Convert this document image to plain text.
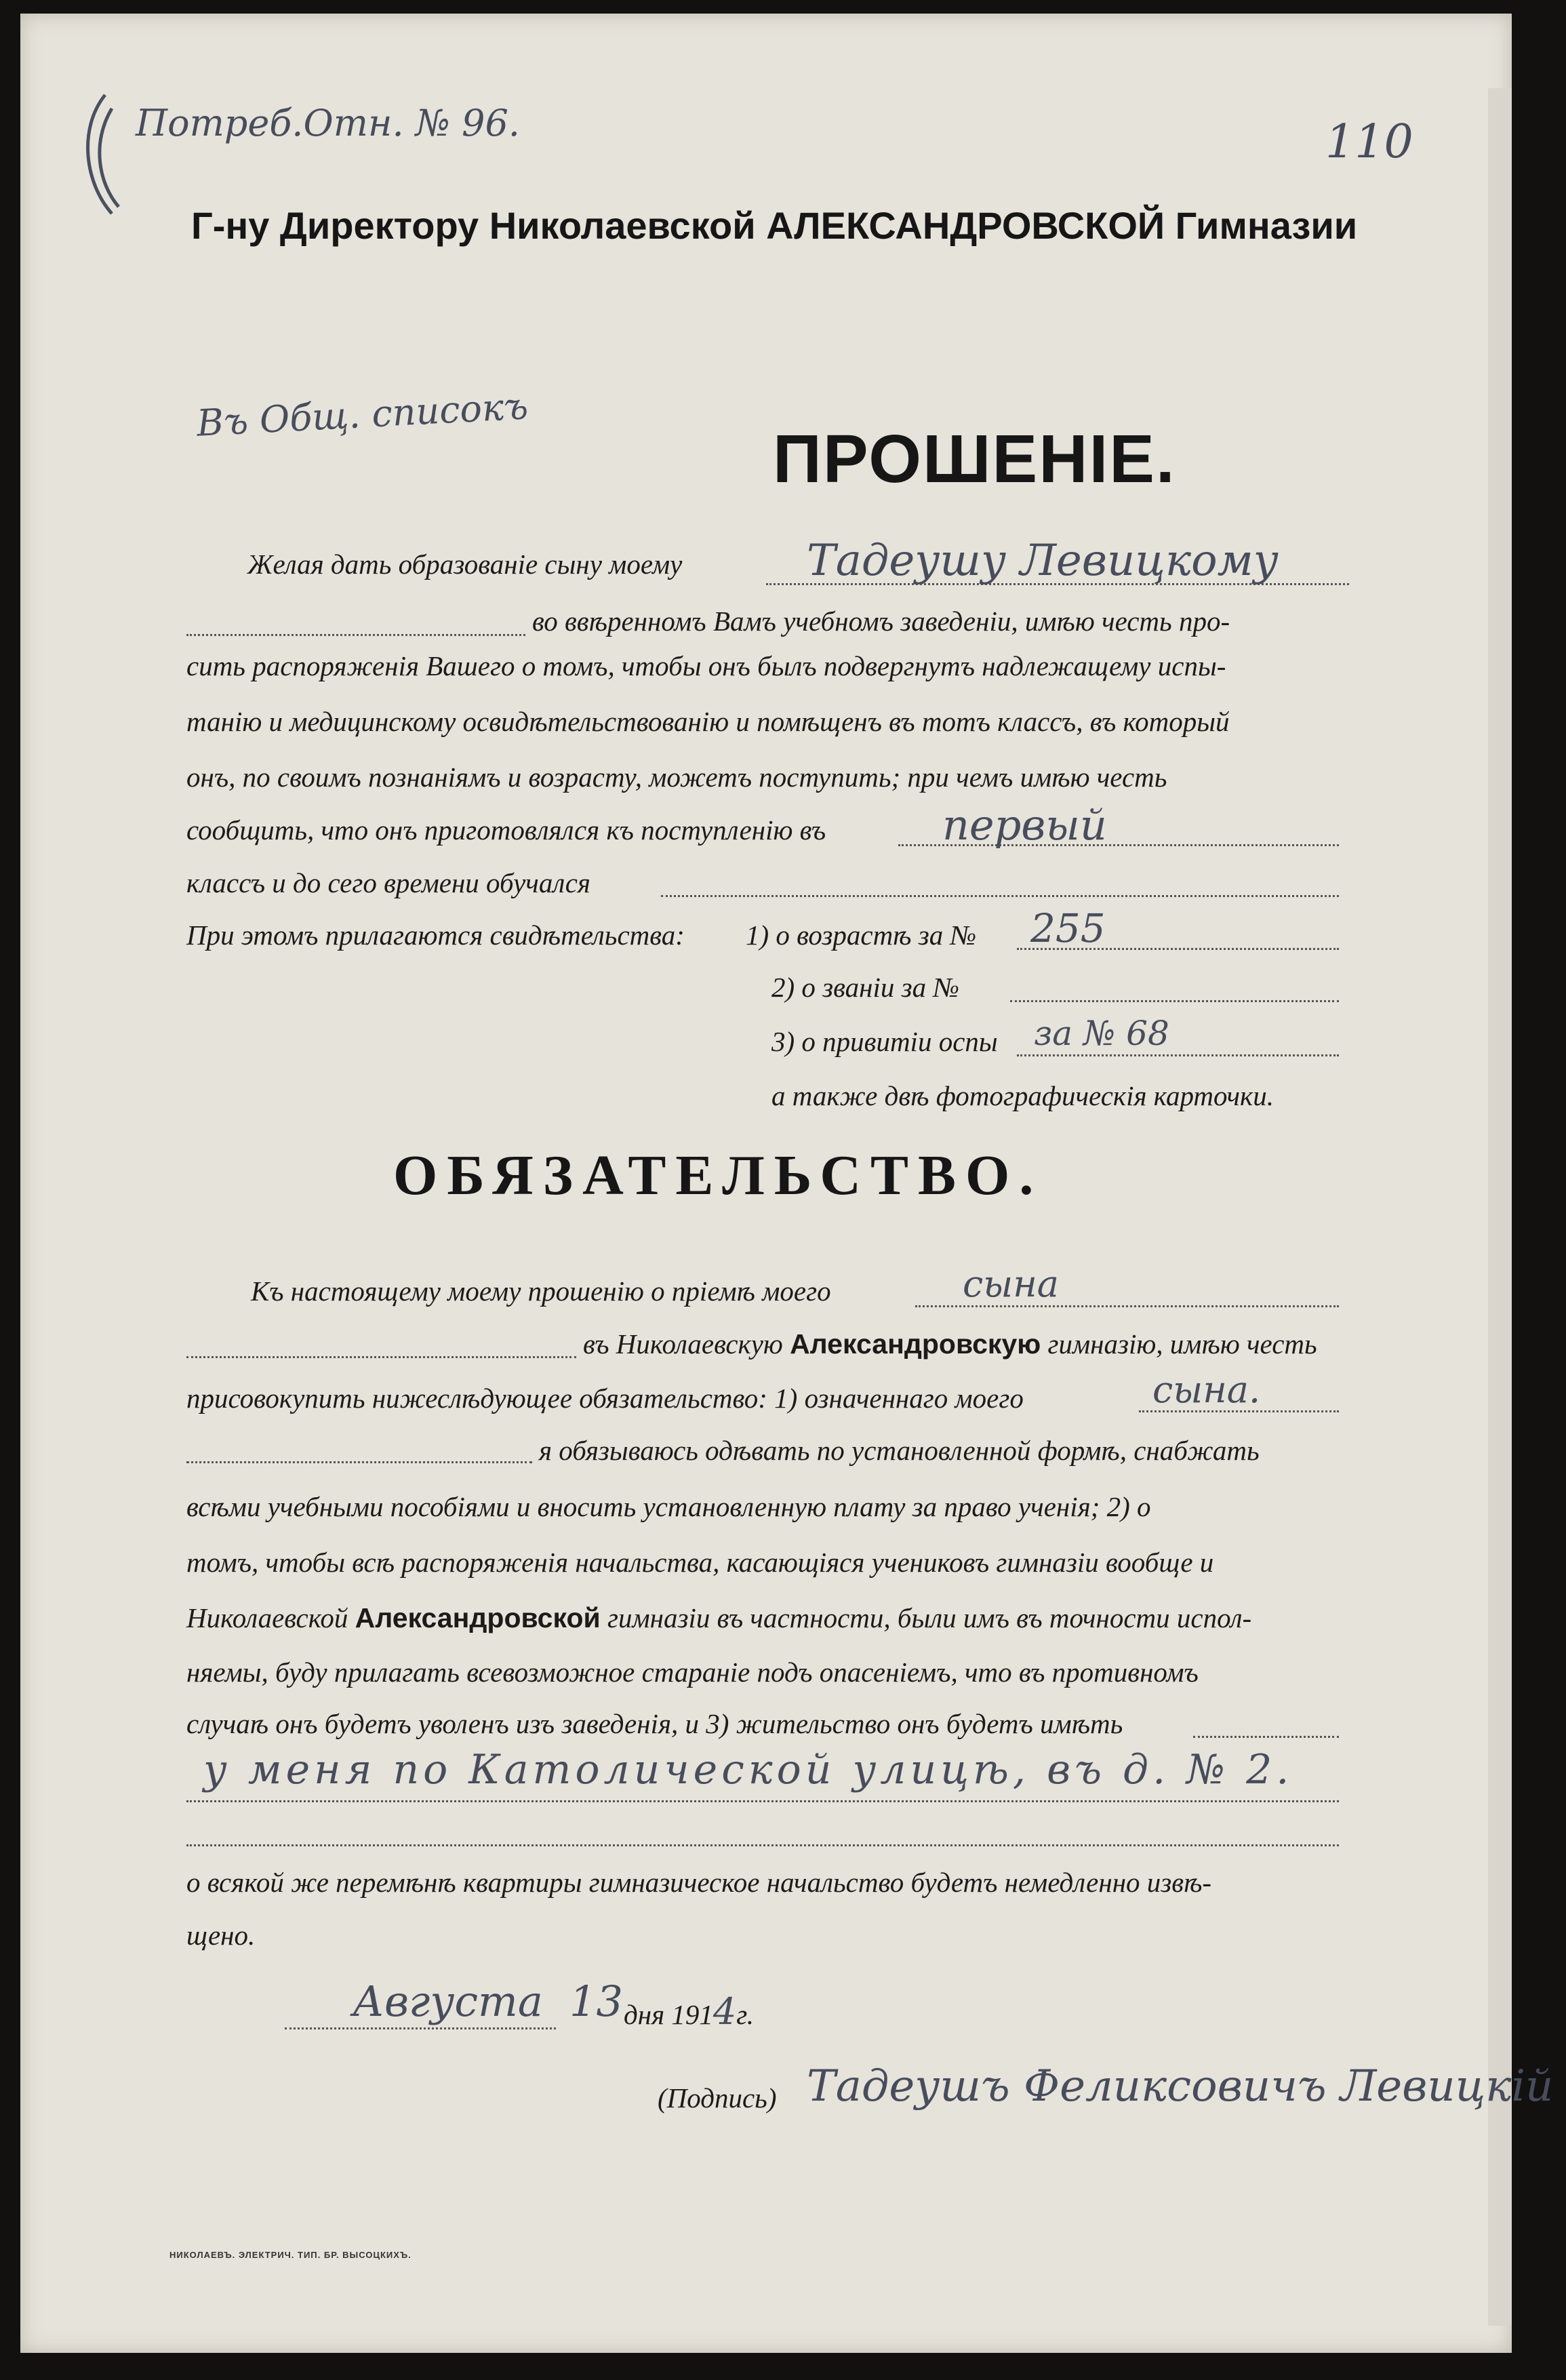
Потреб.Отн. № 96.	110
Г-ну Директору Николаевской АЛЕКСАНДРОВСКОЙ Гимназии
Въ Общ. списокъ
ПРОШЕНІЕ.
Желая дать образованіе сыну моему	Тадеушу Левицкому
во ввѣренномъ Вамъ учебномъ заведеніи, имѣю честь про-
сить распоряженія Вашего о томъ, чтобы онъ былъ подвергнутъ надлежащему испы-
танію и медицинскому освидѣтельствованію и помѣщенъ въ тотъ классъ, въ который
онъ, по своимъ познаніямъ и возрасту, можетъ поступить; при чемъ имѣю честь
сообщить, что онъ приготовлялся къ поступленію въ	первый
классъ и до сего времени обучался
При этомъ прилагаются свидѣтельства: 1) о возрастѣ за № 255
2) о званіи за №
3) о привитіи оспы за № 68
а также двѣ фотографическія карточки.
ОБЯЗАТЕЛЬСТВО.
Къ настоящему моему прошенію о пріемѣ моего	сына
въ Николаевскую Александровскую гимназію, имѣю честь
присовокупить нижеслѣдующее обязательство: 1) означеннаго моего	сына.
я обязываюсь одѣвать по установленной формѣ, снабжать
всѣми учебными пособіями и вносить установленную плату за право ученія; 2) о
томъ, чтобы всѣ распоряженія начальства, касающіяся учениковъ гимназіи вообще и
Николаевской Александровской гимназіи въ частности, были имъ въ точности испол-
няемы, буду прилагать всевозможное стараніе подъ опасеніемъ, что въ противномъ
случаѣ онъ будетъ уволенъ изъ заведенія, и 3) жительство онъ будетъ имѣть
у меня по Католической улицѣ, въ д. № 2.
о всякой же перемѣнѣ квартиры гимназическое начальство будетъ немедленно извѣ-
щено.
Августа 13 дня 1914г.
(Подпись) Тадеушъ Феликсовичъ Левицкій
НИКОЛАЕВЪ. ЭЛЕКТРИЧ. ТИП. БР. ВЫСОЦКИХЪ.
